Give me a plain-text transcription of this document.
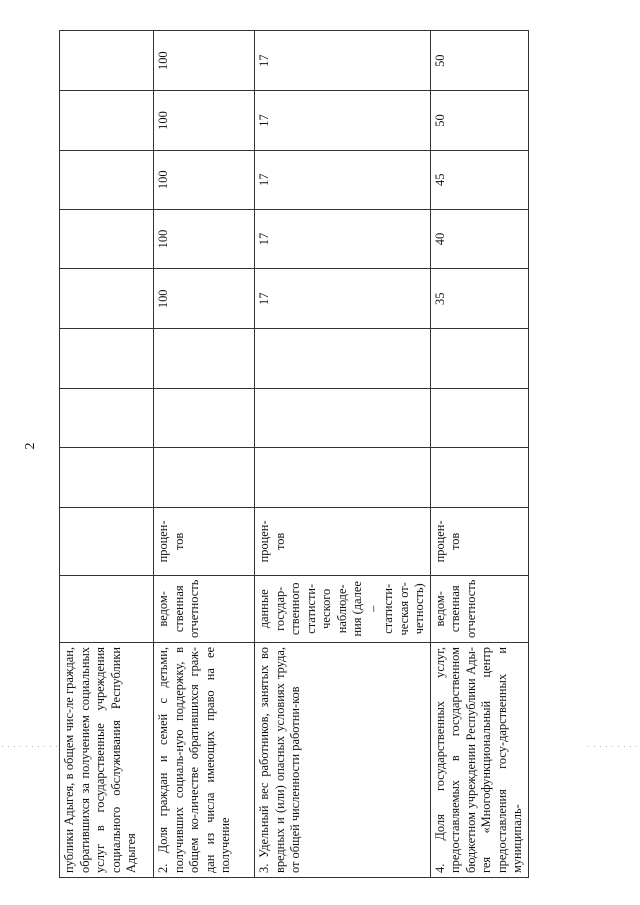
2
публики Адыгея, в общем чис-ле граждан, обратившихся за получением социальных услуг в государственные учреждения социального обслуживания Республики Адыгея										
2. Доля граждан и семей с детьми, получивших социаль-ную поддержку, в общем ко-личестве обратившихся граж-дан из числа имеющих право на ее получение	ведом-ственная отчетность	процен-тов				100	100	100	100	100
3. Удельный вес работников, занятых во вредных и (или) опасных условиях труда, от общей численности работни-ков	данные государ-ственного статисти-ческого наблюде-ния (далее – статисти-ческая от-четность)	процен-тов				17	17	17	17	17
4. Доля государственных услуг, предоставляемых в государственном бюджетном учреждении Республики Ады-гея «Многофункциональный центр предоставления госу-дарственных и муниципаль-	ведом-ственная отчетность	процен-тов				35	40	45	50	50
